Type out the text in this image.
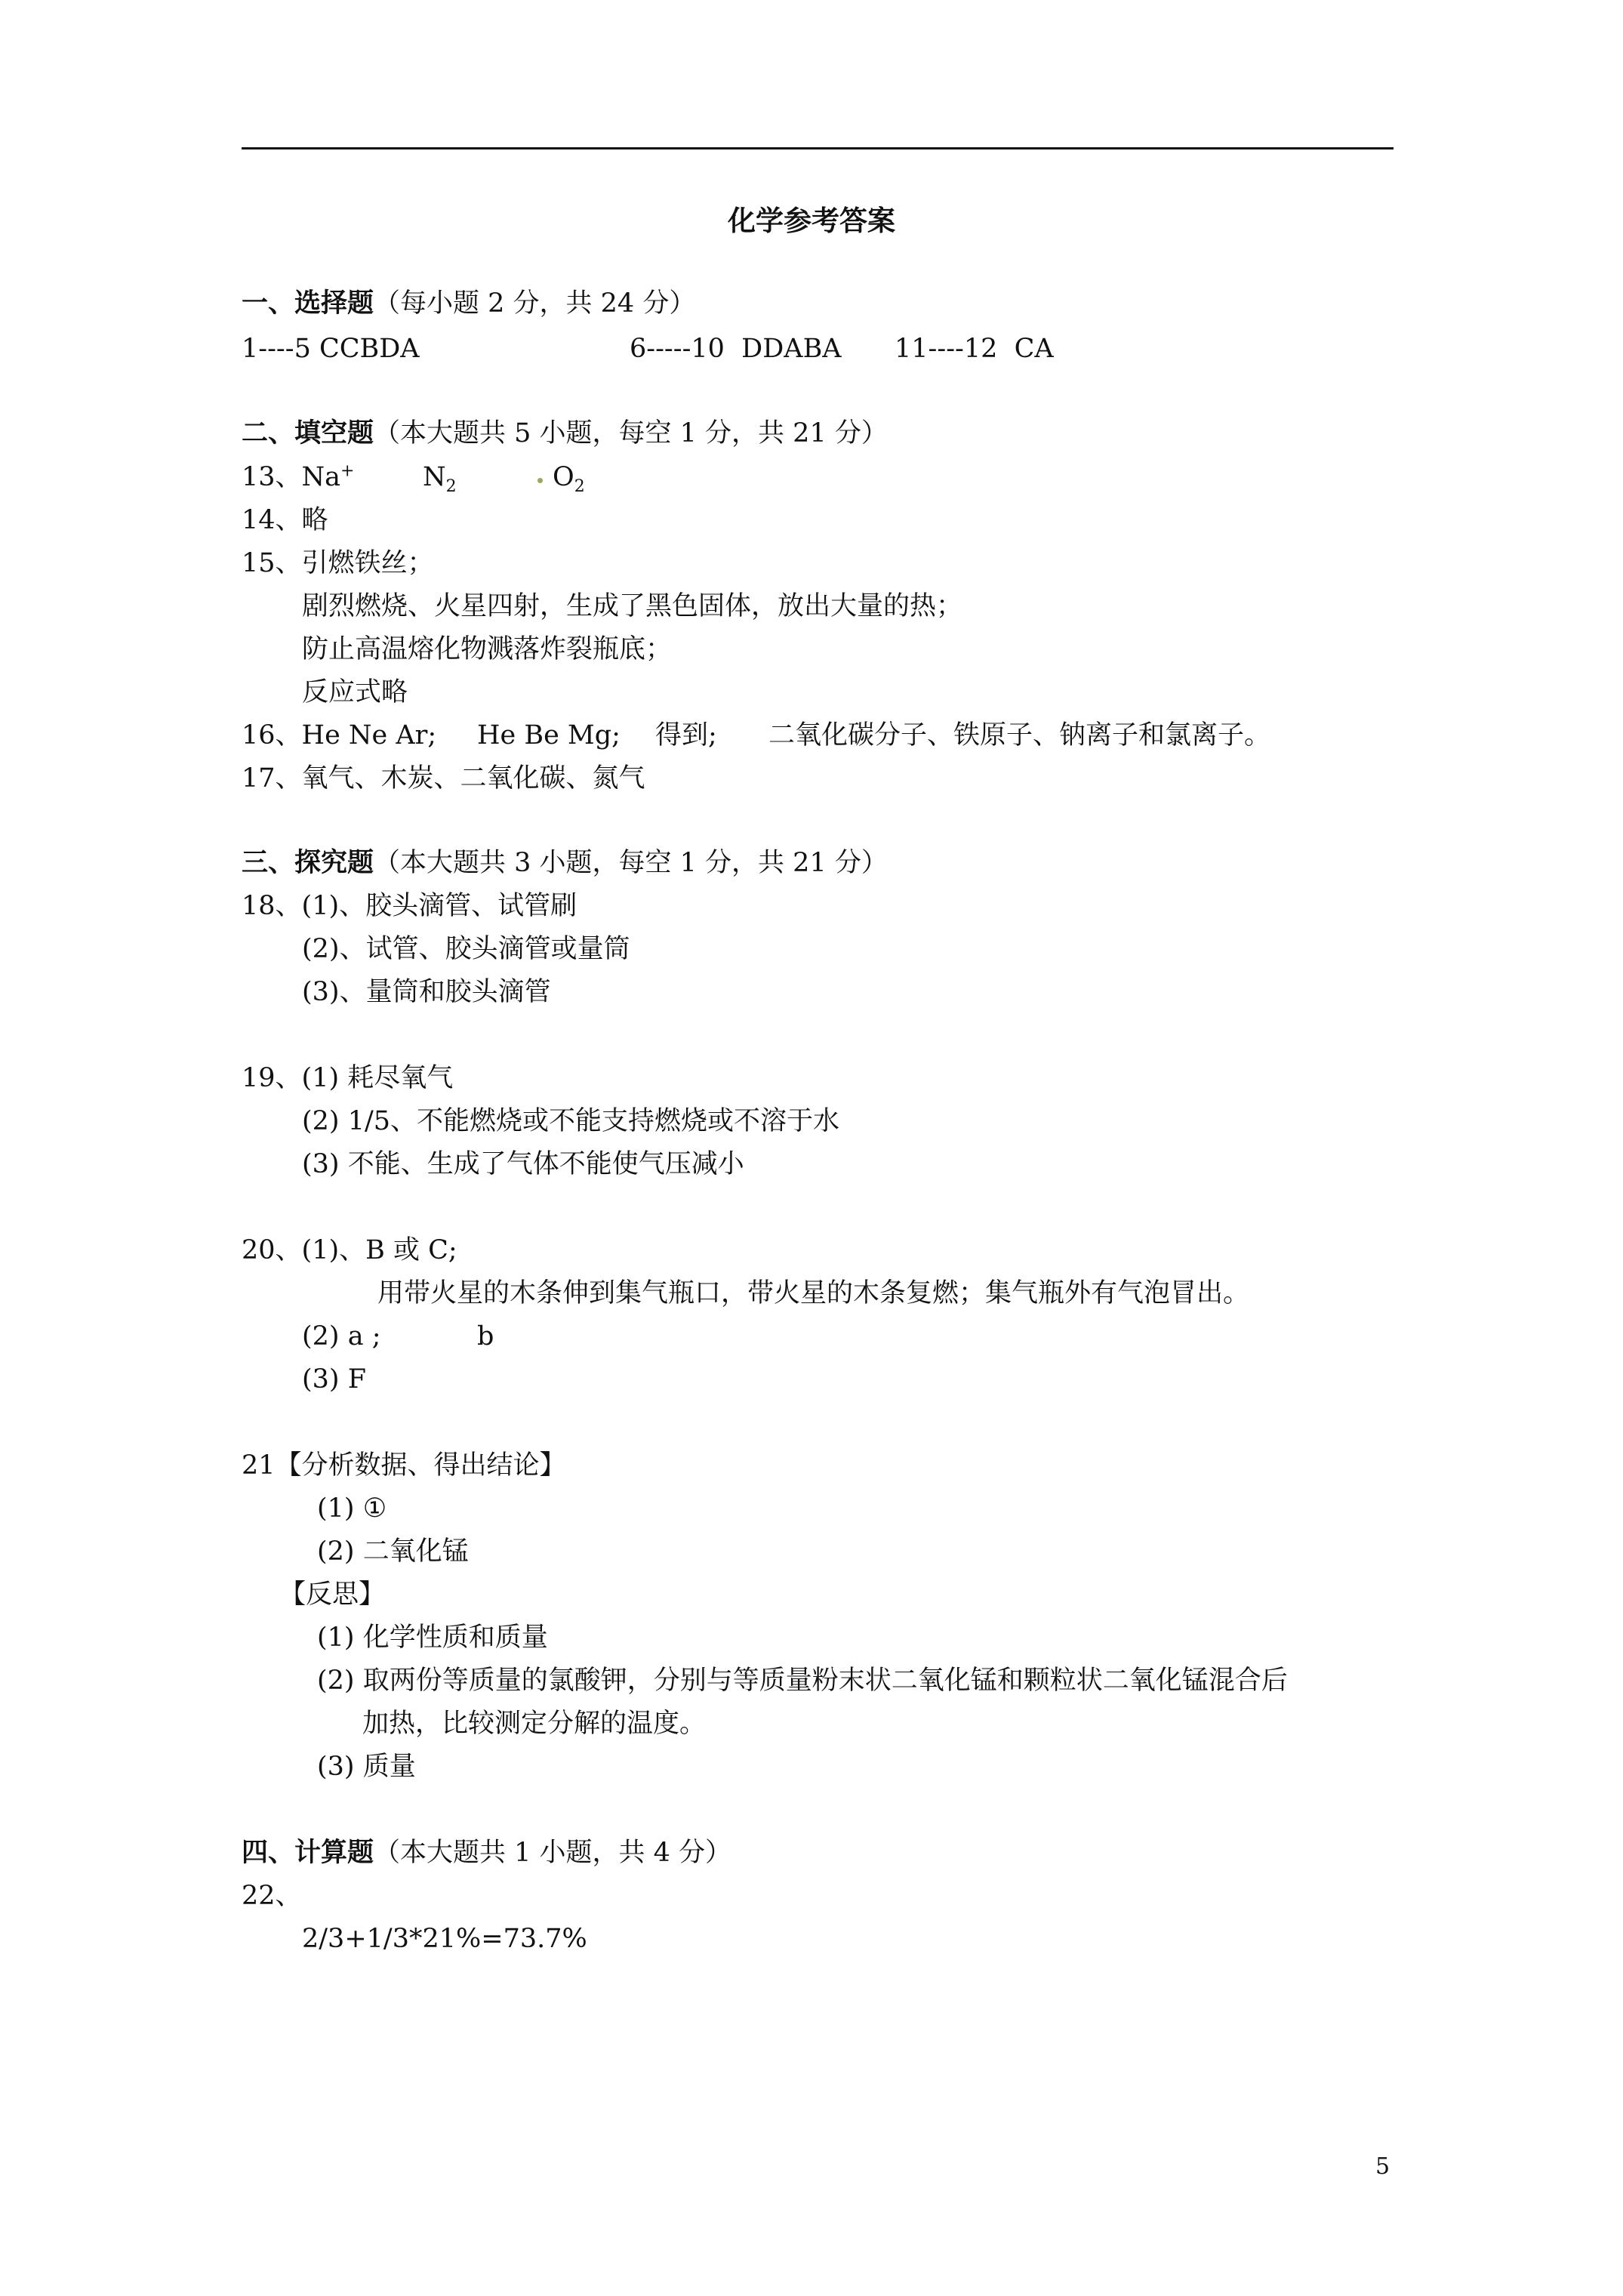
化学参考答案
一、选择题（每小题 2 分，共 24 分）
1----5 CCBDA	6-----10  DDABA 11----12  CA
二、填空题（本大题共 5 小题，每空 1 分，共 21 分）
13、Na+	$N_2$	$O_2$
14、略
15、引燃铁丝；
剧烈燃烧、火星四射，生成了黑色固体，放出大量的热；
防止高温熔化物溅落炸裂瓶底；
反应式略
16、He Ne Ar; He Be Mg; 得到; 二氧化碳分子、铁原子、钠离子和氯离子。
17、氧气、木炭、二氧化碳、氮气
三、探究题（本大题共 3 小题，每空 1 分，共 21 分）
18、(1)、胶头滴管、试管刷
(2)、试管、胶头滴管或量筒
(3)、量筒和胶头滴管
19、(1) 耗尽氧气
(2) 1/5、不能燃烧或不能支持燃烧或不溶于水
(3) 不能、生成了气体不能使气压减小
20、(1)、B 或 C;
用带火星的木条伸到集气瓶口，带火星的木条复燃；集气瓶外有气泡冒出。
(2) a ;	b
(3) F
21【分析数据、得出结论】
(1) ①
(2) 二氧化锰
【反思】
(1) 化学性质和质量
(2) 取两份等质量的氯酸钾，分别与等质量粉末状二氧化锰和颗粒状二氧化锰混合后
加热，比较测定分解的温度。
(3) 质量
四、计算题（本大题共 1 小题，共 4 分）
22、
2/3+1/3*21%=73.7%
5
